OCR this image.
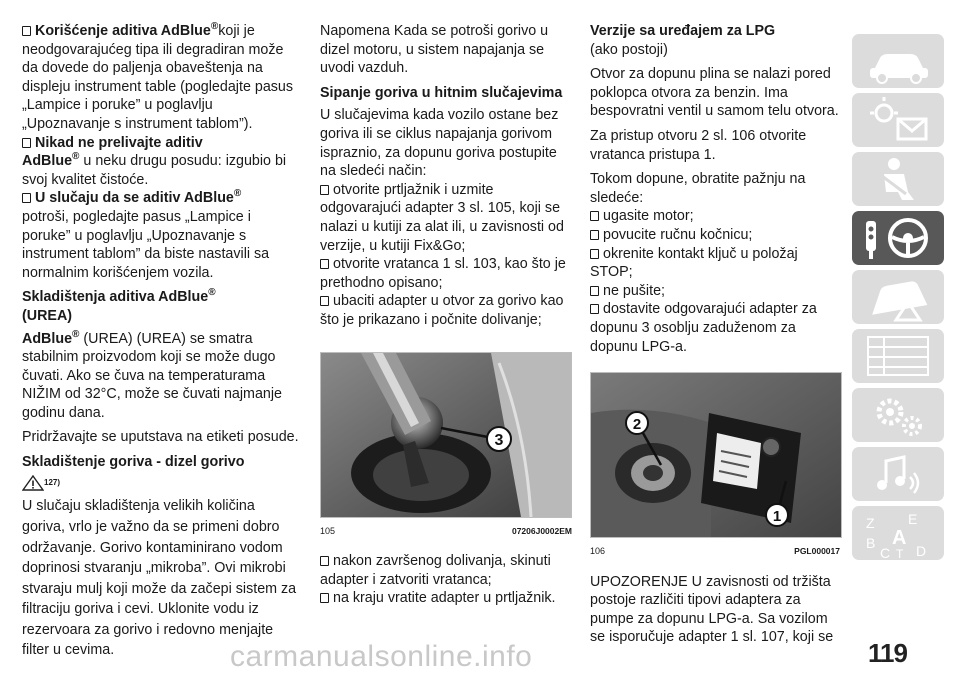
Korišćenje aditiva AdBlue®koji je neodgovarajućeg tipa ili degradiran može da dovede do paljenja obaveštenja na displeju instrument table (pogledajte pasus „Lampice i poruke” u poglavlju „Upoznavanje s instrument tablom”).
Nikad ne prelivajte aditiv
AdBlue® u neku drugu posudu: izgubio bi svoj kvalitet čistoće.
U slučaju da se aditiv AdBlue®
potroši, pogledajte pasus „Lampice i poruke” u poglavlju „Upoznavanje s instrument tablom” da biste nastavili sa normalnim korišćenjem vozila.
Skladištenja aditiva AdBlue®
(UREA)
AdBlue® (UREA) (UREA) se smatra stabilnim proizvodom koji se može dugo čuvati. Ako se čuva na temperaturama NIŽIM od 32°C, može se čuvati najmanje godinu dana.
Pridržavajte se uputstava na etiketi posude.
Skladištenje goriva - dizel gorivo
127)
U slučaju skladištenja velikih količina goriva, vrlo je važno da se primeni dobro održavanje. Gorivo kontaminirano vodom doprinosi stvaranju „mikroba”. Ovi mikrobi stvaraju mulj koji može da začepi sistem za filtraciju goriva i cevi. Uklonite vodu iz rezervoara za gorivo i redovno menjajte filter u cevima.
Napomena Kada se potroši gorivo u dizel motoru, u sistem napajanja se uvodi vazduh.
Sipanje goriva u hitnim slučajevima
U slučajevima kada vozilo ostane bez goriva ili se ciklus napajanja gorivom ispraznio, za dopunu goriva postupite na sledeći način:
otvorite prtljažnik i uzmite odgovarajući adapter 3 sl. 105, koji se nalazi u kutiji za alat ili, u zavisnosti od verzije, u kutiji Fix&Go;
otvorite vratanca 1 sl. 103, kao što je prethodno opisano;
ubaciti adapter u otvor za gorivo kao što je prikazano i počnite dolivanje;
3
105	07206J0002EM
nakon završenog dolivanja, skinuti adapter i zatvoriti vratanca;
na kraju vratite adapter u prtljažnik.
Verzije sa uređajem za LPG
(ako postoji)
Otvor za dopunu plina se nalazi pored poklopca otvora za benzin. Ima bespovratni ventil u samom telu otvora.
Za pristup otvoru 2 sl. 106 otvorite vratanca pristupa 1.
Tokom dopune, obratite pažnju na sledeće:
ugasite motor;
povucite ručnu kočnicu;
okrenite kontakt ključ u položaj STOP;
ne pušite;
dostavite odgovarajući adapter za dopunu 3 osoblju zaduženom za dopunu LPG-a.
2
1
106	PGL000017
UPOZORENJE U zavisnosti od tržišta postoje različiti tipovi adaptera za pumpe za dopunu LPG-a. Sa vozilom se isporučuje adapter 1 sl. 107, koji se
Z E
B A
C T D
carmanualsonline.info	119
